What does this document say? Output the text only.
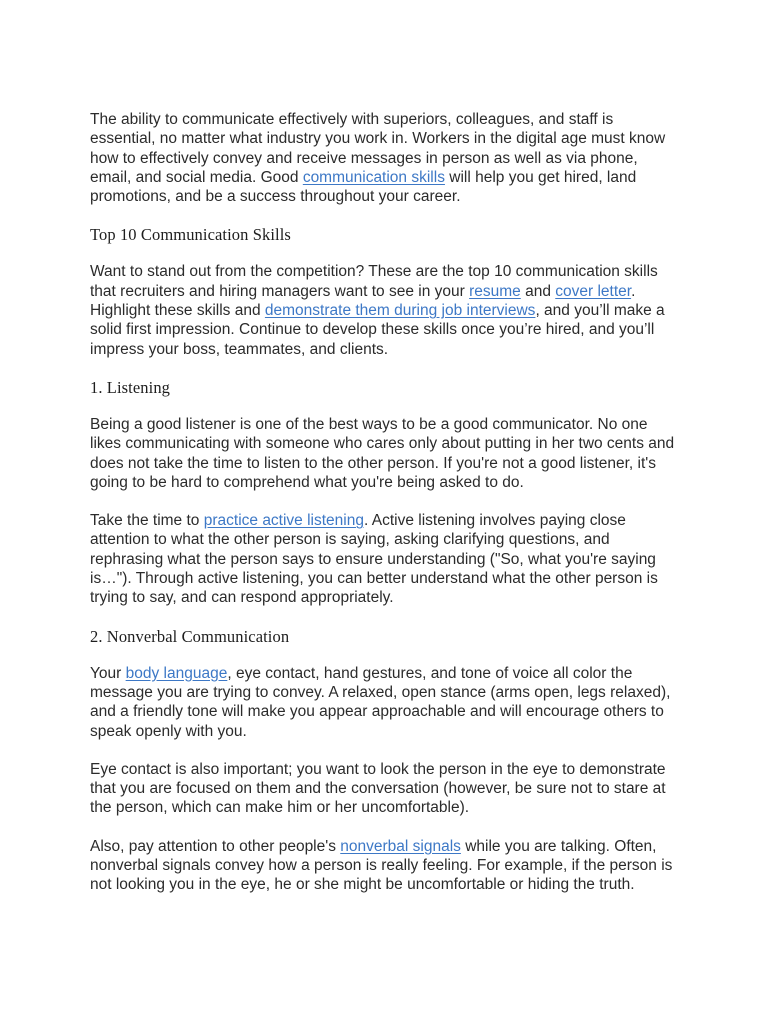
The ability to communicate effectively with superiors, colleagues, and staff is essential, no matter what industry you work in. Workers in the digital age must know how to effectively convey and receive messages in person as well as via phone, email, and social media. Good communication skills will help you get hired, land promotions, and be a success throughout your career.

Top 10 Communication Skills

Want to stand out from the competition? These are the top 10 communication skills that recruiters and hiring managers want to see in your resume and cover letter. Highlight these skills and demonstrate them during job interviews, and you’ll make a solid first impression. Continue to develop these skills once you’re hired, and you’ll impress your boss, teammates, and clients.

1. Listening

Being a good listener is one of the best ways to be a good communicator. No one likes communicating with someone who cares only about putting in her two cents and does not take the time to listen to the other person. If you're not a good listener, it's going to be hard to comprehend what you're being asked to do.

Take the time to practice active listening. Active listening involves paying close attention to what the other person is saying, asking clarifying questions, and rephrasing what the person says to ensure understanding ("So, what you're saying is…"). Through active listening, you can better understand what the other person is trying to say, and can respond appropriately.

2. Nonverbal Communication

Your body language, eye contact, hand gestures, and tone of voice all color the message you are trying to convey. A relaxed, open stance (arms open, legs relaxed), and a friendly tone will make you appear approachable and will encourage others to speak openly with you.

Eye contact is also important; you want to look the person in the eye to demonstrate that you are focused on them and the conversation (however, be sure not to stare at the person, which can make him or her uncomfortable).

Also, pay attention to other people's nonverbal signals while you are talking. Often, nonverbal signals convey how a person is really feeling. For example, if the person is not looking you in the eye, he or she might be uncomfortable or hiding the truth.
